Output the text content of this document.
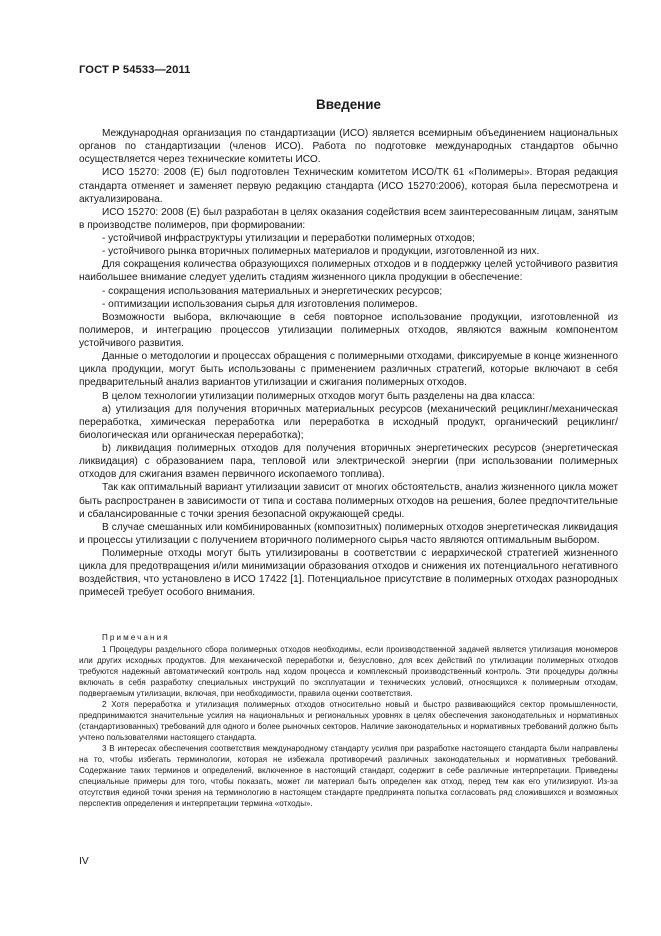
ГОСТ Р 54533—2011
Введение

Международная организация по стандартизации (ИСО) является всемирным объединением национальных органов по стандартизации (членов ИСО). Работа по подготовке международных стандартов обычно осуществляется через технические комитеты ИСО.

ИСО 15270: 2008 (Е) был подготовлен Техническим комитетом ИСО/ТК 61 «Полимеры». Вторая редакция стандарта отменяет и заменяет первую редакцию стандарта (ИСО 15270:2006), которая была пересмотрена и актуализирована.

ИСО 15270: 2008 (Е) был разработан в целях оказания содействия всем заинтересованным лицам, занятым в производстве полимеров, при формировании:

- устойчивой инфраструктуры утилизации и переработки полимерных отходов;

- устойчивого рынка вторичных полимерных материалов и продукции, изготовленной из них.

Для сокращения количества образующихся полимерных отходов и в поддержку целей устойчивого развития наибольшее внимание следует уделить стадиям жизненного цикла продукции в обеспечение:

- сокращения использования материальных и энергетических ресурсов;

- оптимизации использования сырья для изготовления полимеров.

Возможности выбора, включающие в себя повторное использование продукции, изготовленной из полимеров, и интеграцию процессов утилизации полимерных отходов, являются важным компонентом устойчивого развития.

Данные о методологии и процессах обращения с полимерными отходами, фиксируемые в конце жизненного цикла продукции, могут быть использованы с применением различных стратегий, которые включают в себя предварительный анализ вариантов утилизации и сжигания полимерных отходов.

В целом технологии утилизации полимерных отходов могут быть разделены на два класса:

а) утилизация для получения вторичных материальных ресурсов (механический рециклинг/механическая переработка, химическая переработка или переработка в исходный продукт, органический рециклинг/биологическая или органическая переработка);

b) ликвидация полимерных отходов для получения вторичных энергетических ресурсов (энергетическая ликвидация) с образованием пара, тепловой или электрической энергии (при использовании полимерных отходов для сжигания взамен первичного ископаемого топлива).

Так как оптимальный вариант утилизации зависит от многих обстоятельств, анализ жизненного цикла может быть распространен в зависимости от типа и состава полимерных отходов на решения, более предпочтительные и сбалансированные с точки зрения безопасной окружающей среды.

В случае смешанных или комбинированных (композитных) полимерных отходов энергетическая ликвидация и процессы утилизации с получением вторичного полимерного сырья часто являются оптимальным выбором.

Полимерные отходы могут быть утилизированы в соответствии с иерархической стратегией жизненного цикла для предотвращения и/или минимизации образования отходов и снижения их потенциального негативного воздействия, что установлено в ИСО 17422 [1]. Потенциальное присутствие в полимерных отходах разнородных примесей требует особого внимания.

Примечания

1 Процедуры раздельного сбора полимерных отходов необходимы, если производственной задачей является утилизация мономеров или других исходных продуктов. Для механической переработки и, безусловно, для всех действий по утилизации полимерных отходов требуются надежный автоматический контроль над ходом процесса и комплексный производственный контроль. Эти процедуры должны включать в себя разработку специальных инструкций по эксплуатации и технических условий, относящихся к полимерным отходам, подвергаемым утилизации, включая, при необходимости, правила оценки соответствия.

2 Хотя переработка и утилизация полимерных отходов относительно новый и быстро развивающийся сектор промышленности, предпринимаются значительные усилия на национальных и региональных уровнях в целях обеспечения законодательных и нормативных (стандартизованных) требований для одного и более рыночных секторов. Наличие законодательных и нормативных требований должно быть учтено пользователями настоящего стандарта.

3 В интересах обеспечения соответствия международному стандарту усилия при разработке настоящего стандарта были направлены на то, чтобы избегать терминологии, которая не избежала противоречий различных законодательных и нормативных требований. Содержание таких терминов и определений, включенное в настоящий стандарт, содержит в себе различные интерпретации. Приведены специальные примеры для того, чтобы показать, может ли материал быть определен как отход, перед тем как его утилизируют. Из-за отсутствия единой точки зрения на терминологию в настоящем стандарте предпринята попытка согласовать ряд сложившихся и возможных перспектив определения и интерпретации термина «отходы».

IV
